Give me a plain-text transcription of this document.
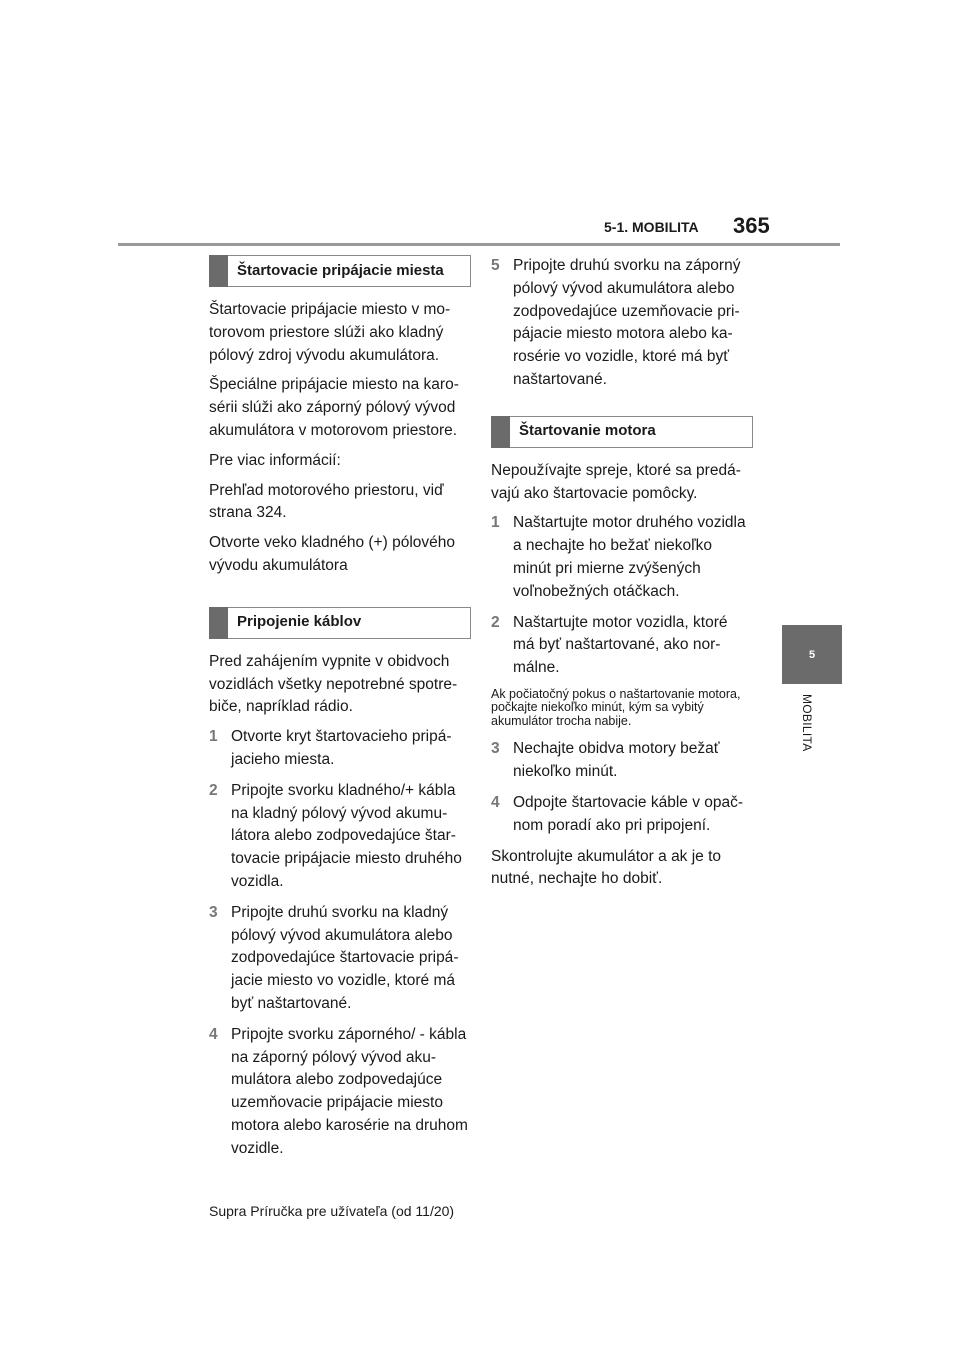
5-1. MOBILITA 365
5
MOBILITA
Štartovacie pripájacie miesta

Štartovacie pripájacie miesto v motorovom priestore slúži ako kladný pólový zdroj vývodu akumulátora.

Špeciálne pripájacie miesto na karosérii slúži ako záporný pólový vývod akumulátora v motorovom priestore.

Pre viac informácií:

Prehľad motorového priestoru, viď strana 324.

Otvorte veko kladného (+) pólového vývodu akumulátora

Pripojenie káblov

Pred zahájením vypnite v obidvoch vozidlách všetky nepotrebné spotrebiče, napríklad rádio.

1 Otvorte kryt štartovacieho pripájacieho miesta.
2 Pripojte svorku kladného/+ kábla na kladný pólový vývod akumulátora alebo zodpovedajúce štartovacie pripájacie miesto druhého vozidla.
3 Pripojte druhú svorku na kladný pólový vývod akumulátora alebo zodpovedajúce štartovacie pripájacie miesto vo vozidle, ktoré má byť naštartované.
4 Pripojte svorku záporného/ - kábla na záporný pólový vývod akumulátora alebo zodpovedajúce uzemňovacie pripájacie miesto motora alebo karosérie na druhom vozidle.
5 Pripojte druhú svorku na záporný pólový vývod akumulátora alebo zodpovedajúce uzemňovacie pripájacie miesto motora alebo karosérie vo vozidle, ktoré má byť naštartované.
Štartovanie motora

Nepoužívajte spreje, ktoré sa predávajú ako štartovacie pomôcky.

1 Naštartujte motor druhého vozidla a nechajte ho bežať niekoľko minút pri mierne zvýšených voľnobežných otáčkach.
2 Naštartujte motor vozidla, ktoré má byť naštartované, ako normálne.

Ak počiatočný pokus o naštartovanie motora, počkajte niekoľko minút, kým sa vybitý akumulátor trocha nabije.

3 Nechajte obidva motory bežať niekoľko minút.
4 Odpojte štartovacie káble v opačnom poradí ako pri pripojení.

Skontrolujte akumulátor a ak je to nutné, nechajte ho dobiť.

Supra Príručka pre užívateľa (od 11/20)
